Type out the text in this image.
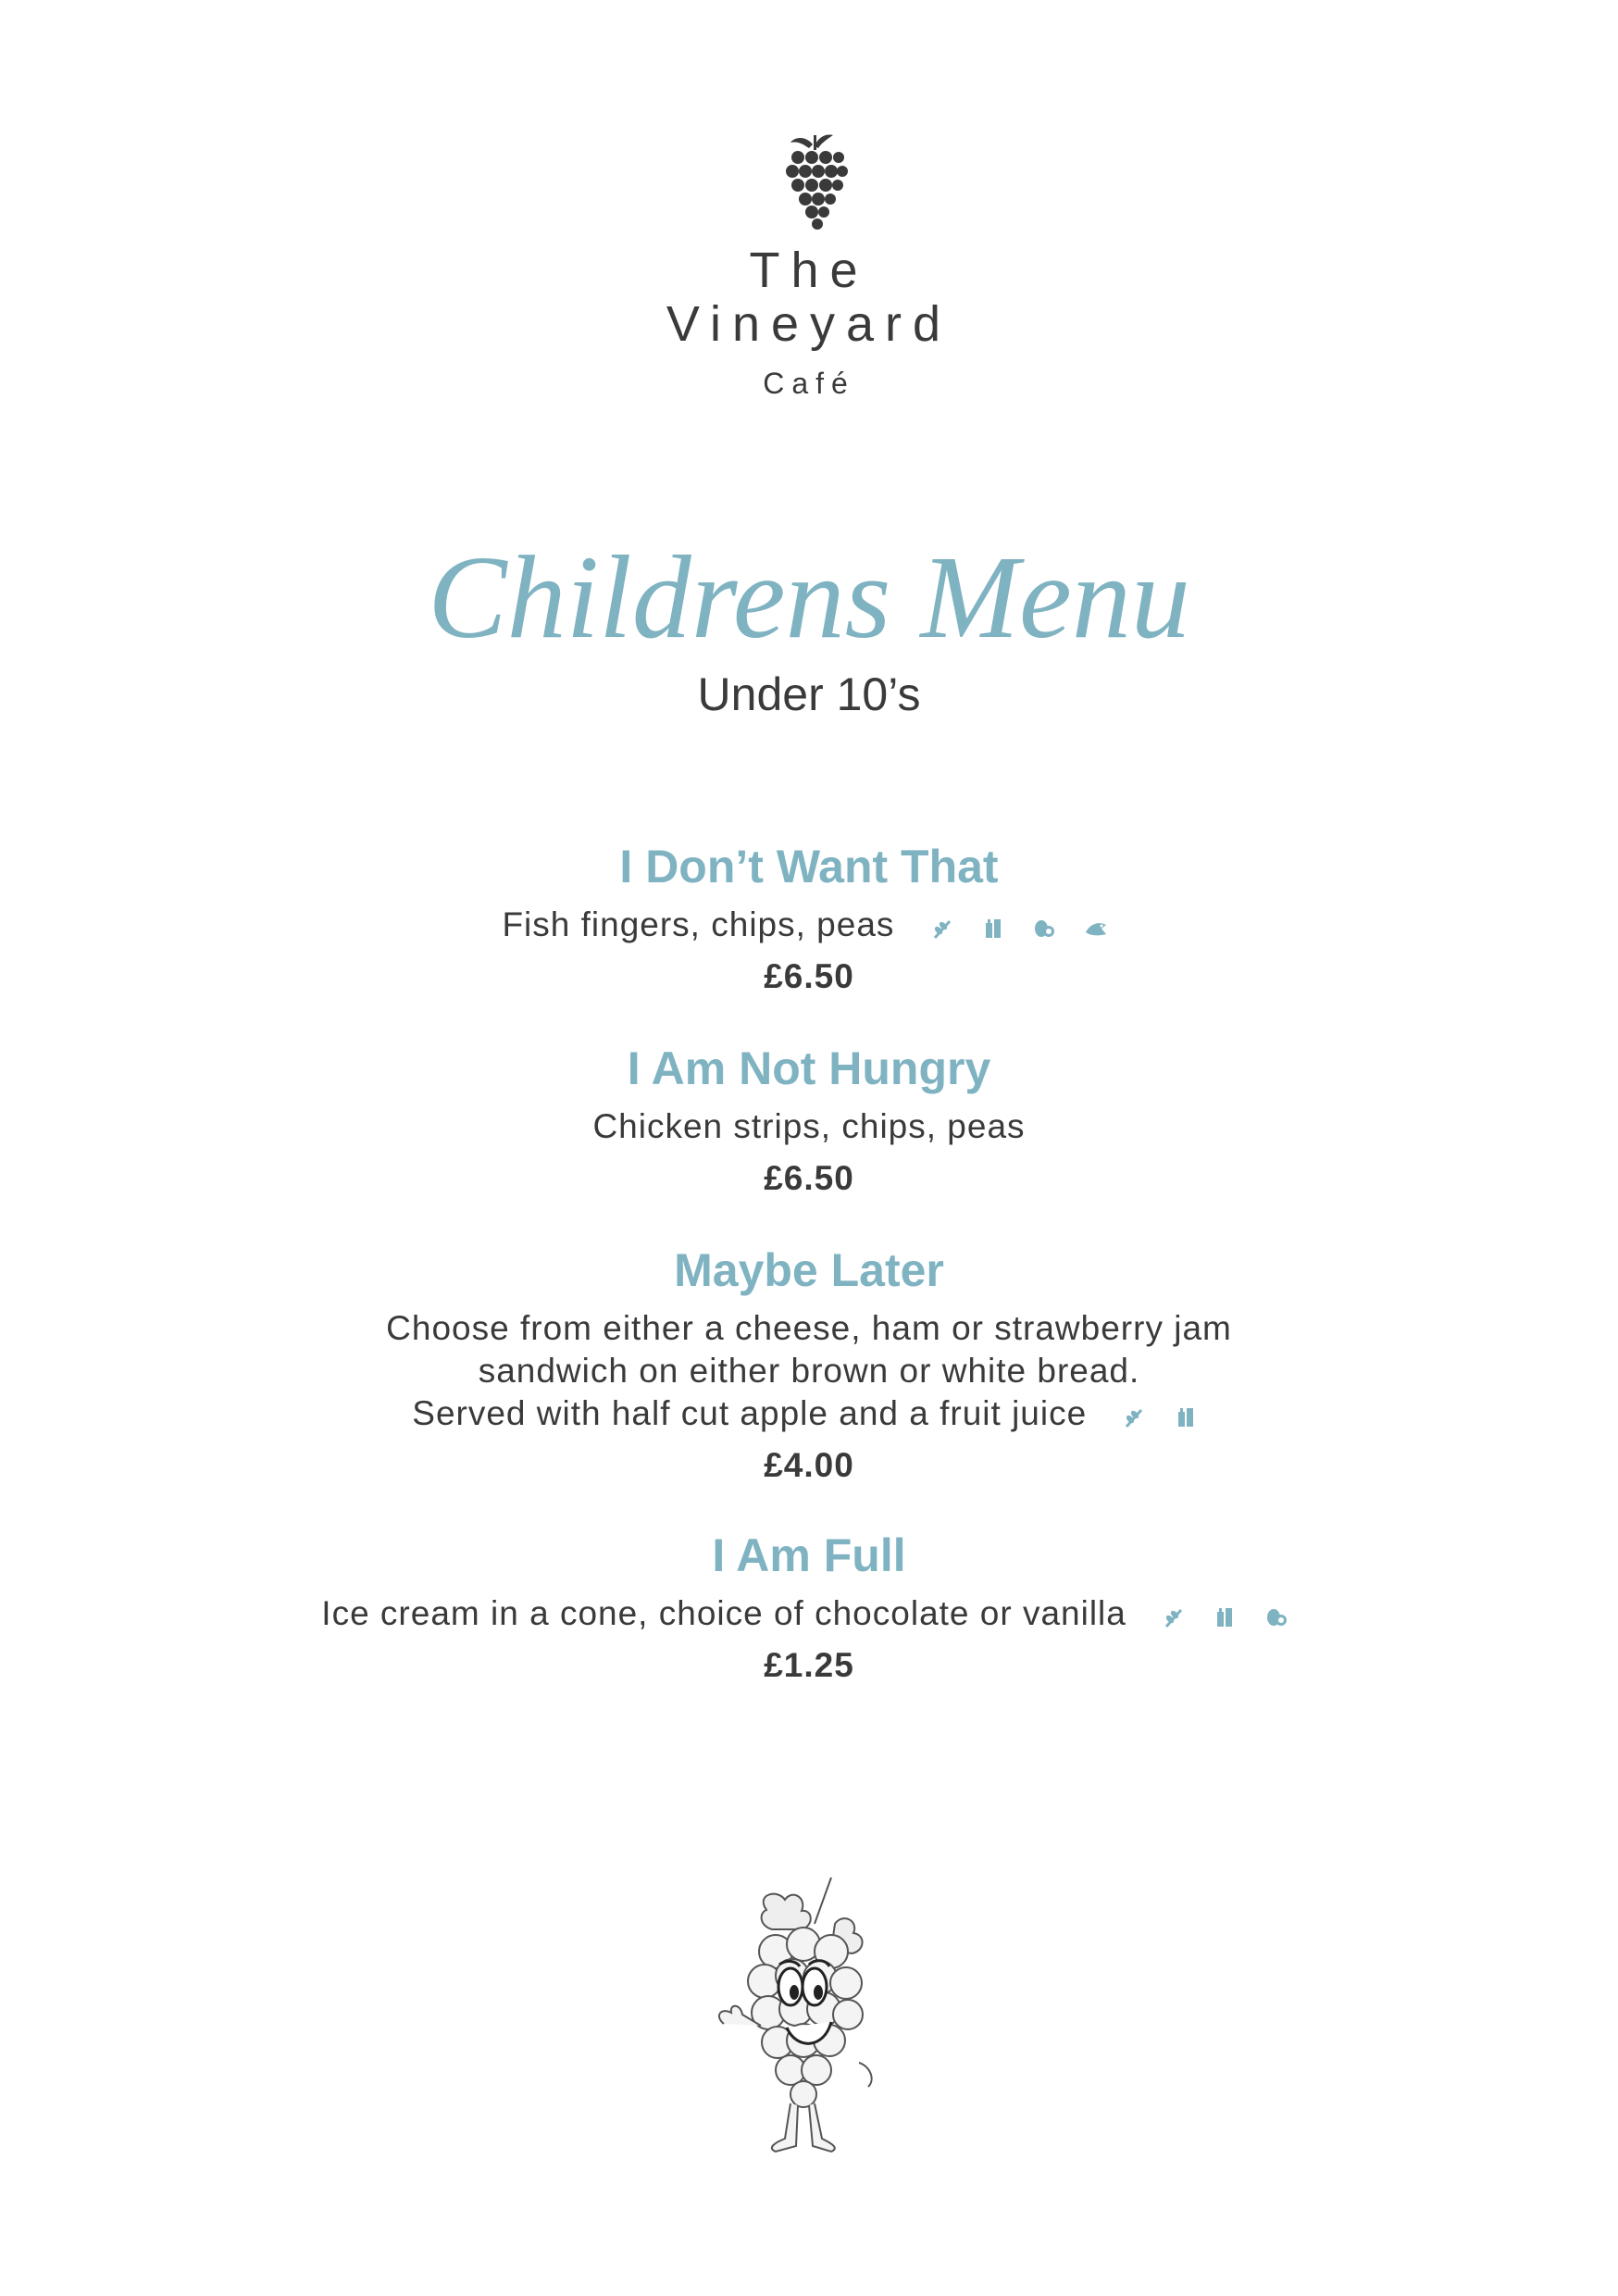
The
Vineyard
Café
Childrens Menu
Under 10’s
I Don’t Want That
Fish fingers, chips, peas
£6.50
I Am Not Hungry
Chicken strips, chips, peas
£6.50
Maybe Later
Choose from either a cheese, ham or strawberry jam
sandwich on either brown or white bread.
Served with half cut apple and a fruit juice
£4.00
I Am Full
Ice cream in a cone, choice of chocolate or vanilla
£1.25
